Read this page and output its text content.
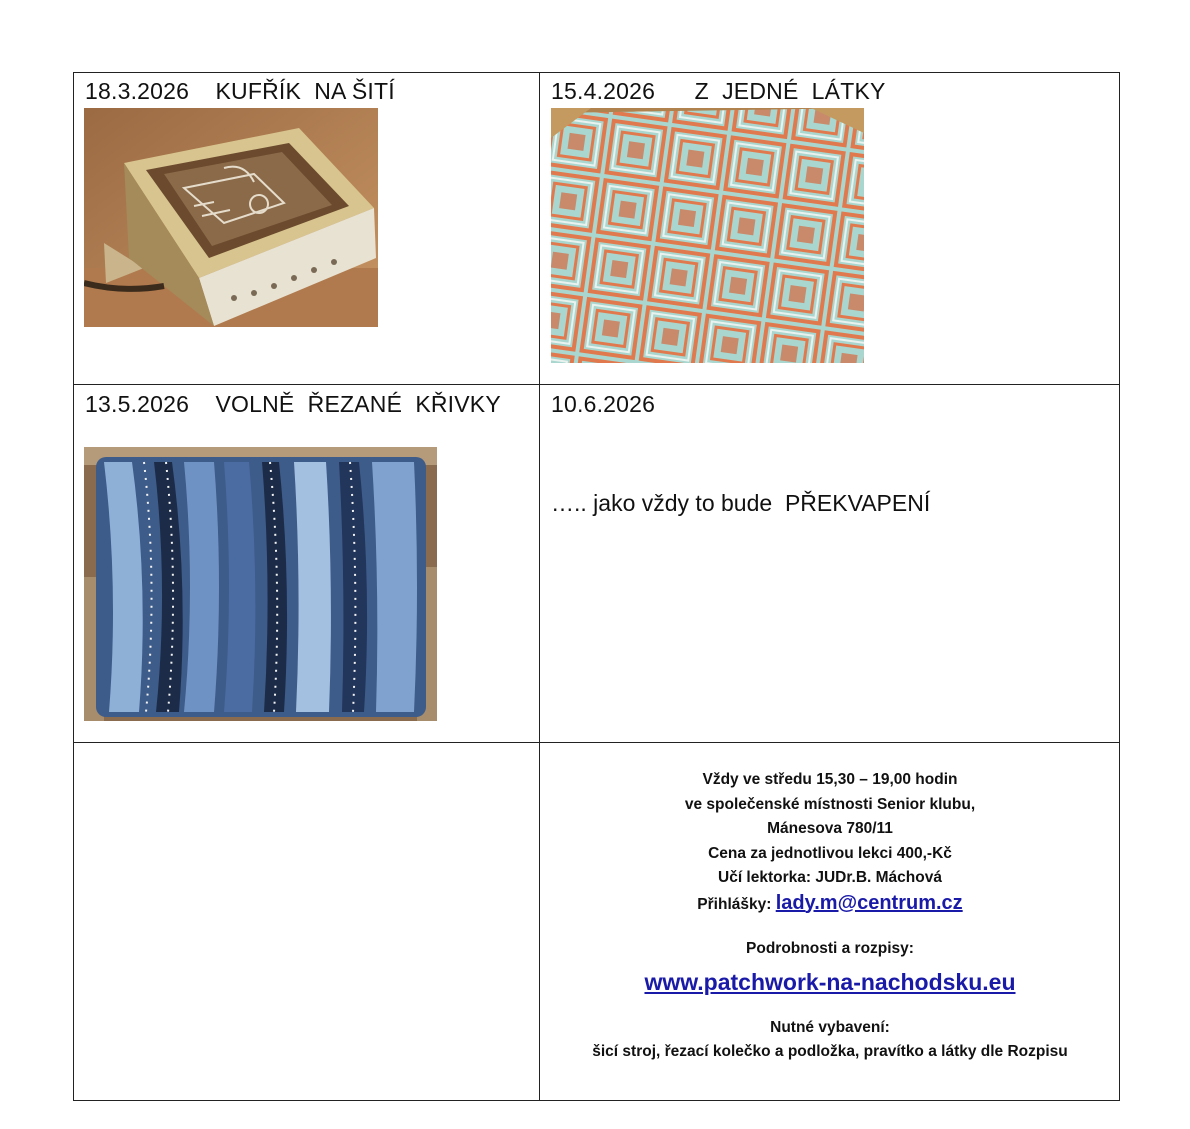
18.3.2026 KUFŘÍK  NA ŠITÍ	15.4.2026 Z  JEDNÉ  LÁTKY
13.5.2026 VOLNĚ  ŘEZANÉ  KŘIVKY 10.6.2026
….. jako vždy to bude  PŘEKVAPENÍ
Vždy ve středu 15,30 – 19,00 hodin
ve společenské místnosti Senior klubu,
Mánesova 780/11
Cena za jednotlivou lekci 400,-Kč
Učí lektorka: JUDr.B. Máchová
Přihlášky: lady.m@centrum.cz
Podrobnosti a rozpisy:
www.patchwork-na-nachodsku.eu
Nutné vybavení:
šicí stroj, řezací kolečko a podložka, pravítko a látky dle Rozpisu
